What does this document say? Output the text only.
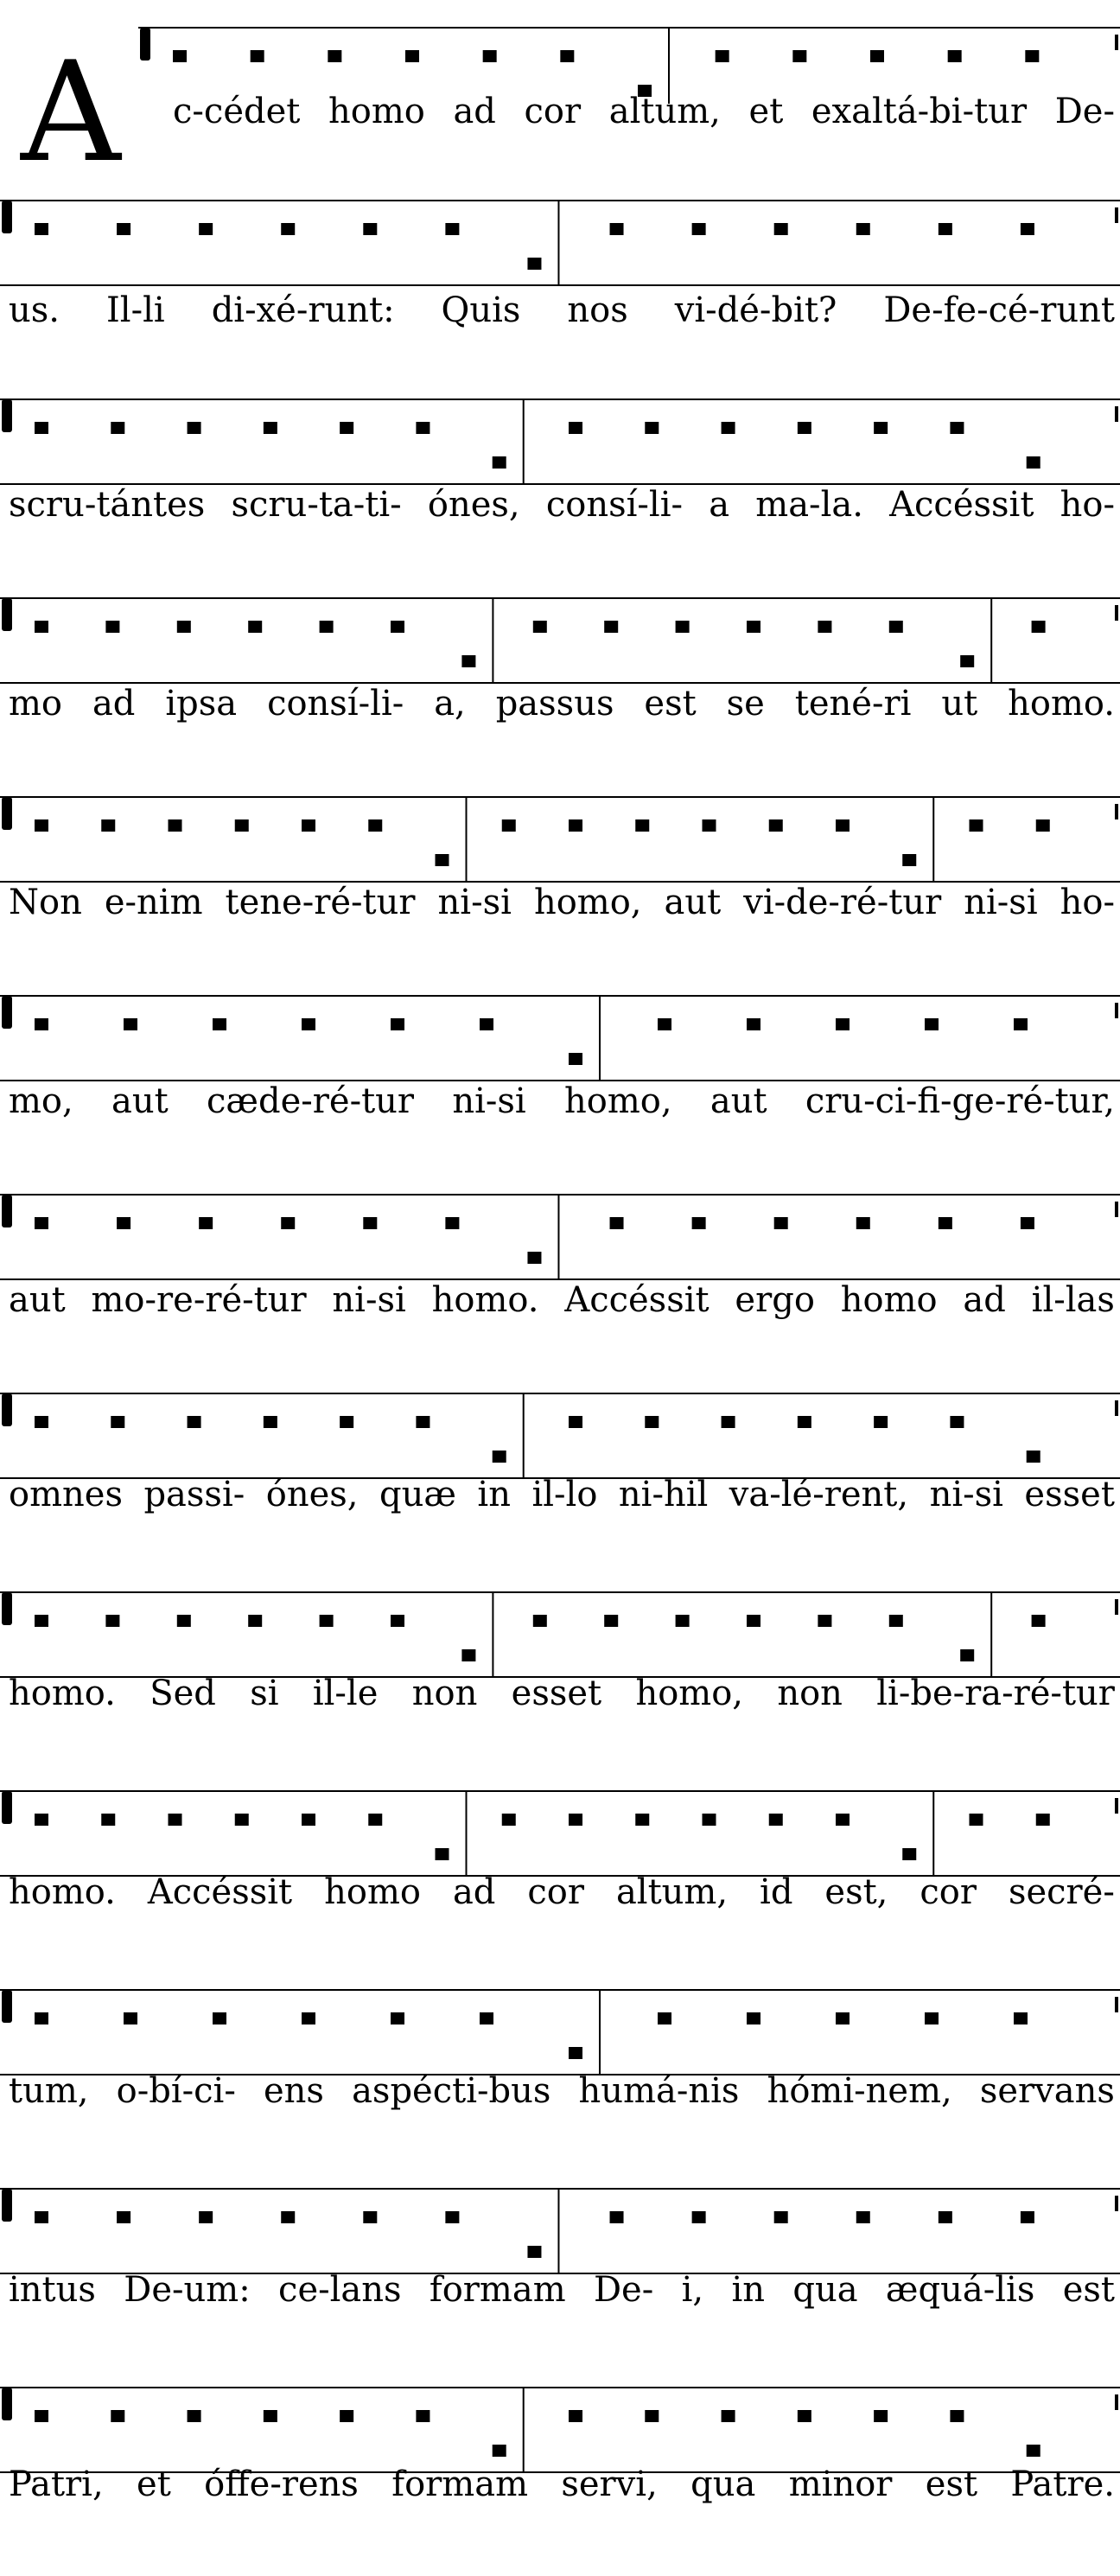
A c-cédet homo ad cor altum, et exaltá-bi-tur De-
us. Il-li di-xé-runt: Quis nos vi-dé-bit? De-fe-cé-runt
scru-tántes scru-ta-ti- ónes, consí-li- a ma-la. Accéssit ho-
mo ad ipsa consí-li- a, passus est se tené-ri ut homo.
Non e-nim tene-ré-tur ni-si homo, aut vi-de-ré-tur ni-si ho-
mo, aut cæde-ré-tur ni-si homo, aut cru-ci-fi-ge-ré-tur,
aut mo-re-ré-tur ni-si homo. Accéssit ergo homo ad il-las
omnes passi- ónes, quæ in il-lo ni-hil va-lé-rent, ni-si esset
homo. Sed si il-le non esset homo, non li-be-ra-ré-tur
homo. Accéssit homo ad cor altum, id est, cor secré-
tum, o-bí-ci- ens aspécti-bus humá-nis hómi-nem, servans
intus De-um: ce-lans formam De- i, in qua æquá-lis est
Patri, et óffe-rens formam servi, qua minor est Patre.
